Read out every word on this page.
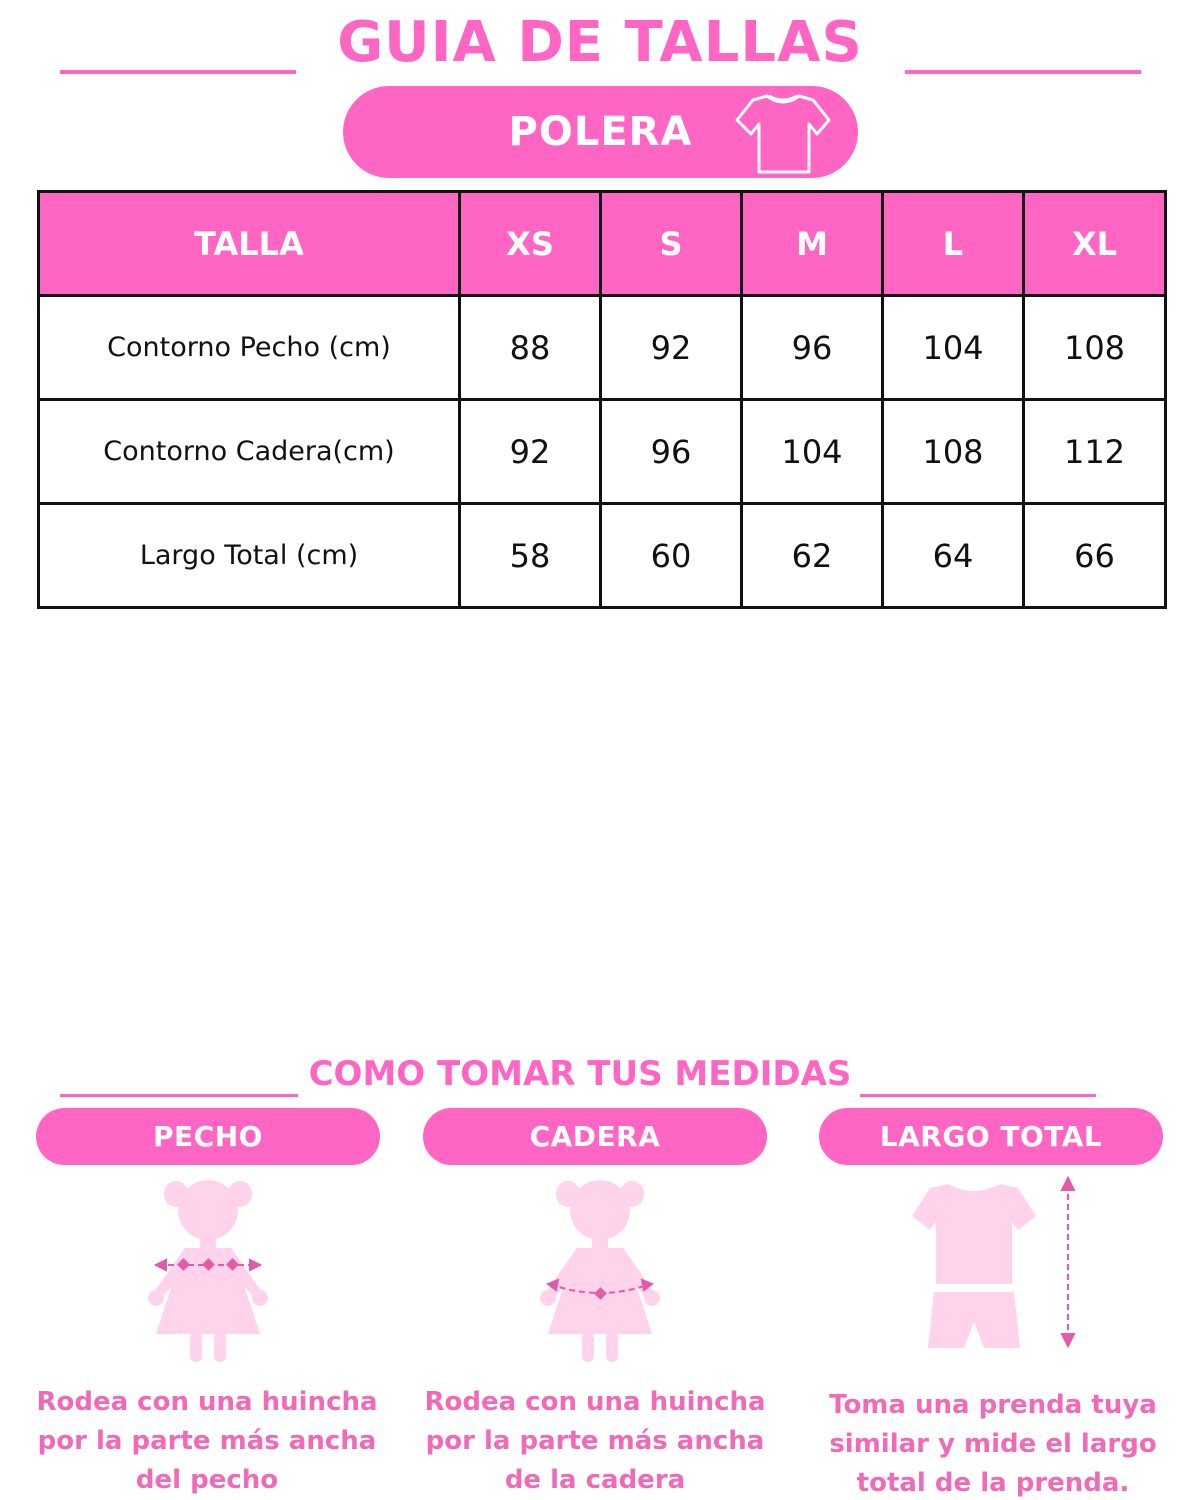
GUIA DE TALLAS
POLERA
TALLA	XS	S	M	L	XL
Contorno Pecho (cm)	88	92	96	104	108
Contorno Cadera(cm)	92	96	104	108	112
Largo Total (cm)	58	60	62	64	66
COMO TOMAR TUS MEDIDAS
PECHO	CADERA	LARGO TOTAL
Rodea con una huincha
por la parte más ancha
del pecho
Rodea con una huincha
por la parte más ancha
de la cadera
Toma una prenda tuya
similar y mide el largo
total de la prenda.
